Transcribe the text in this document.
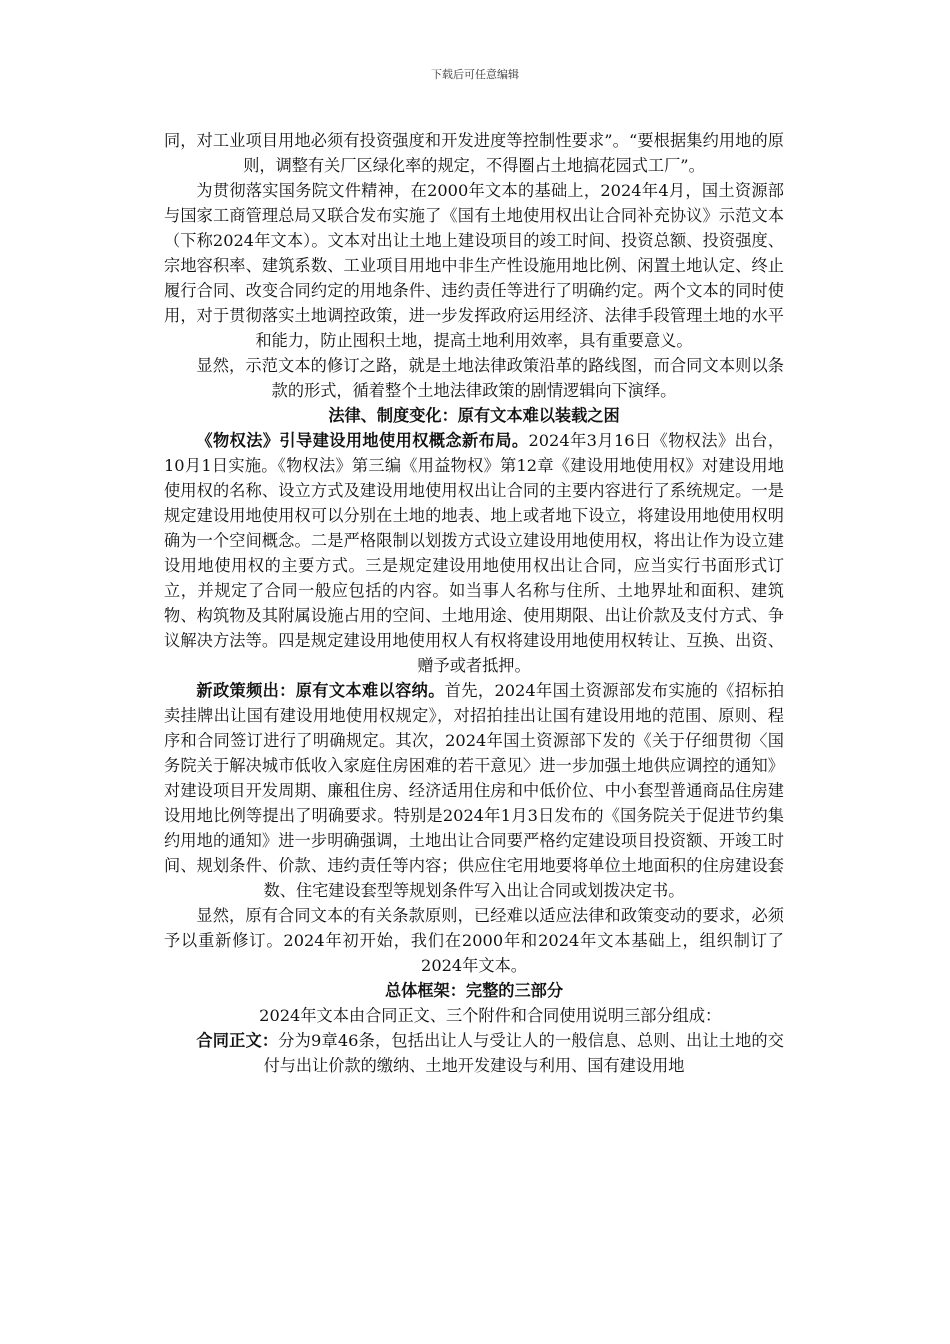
下载后可任意编辑

同，对工业项目用地必须有投资强度和开发进度等控制性要求”。“要根据集约用地的原则，调整有关厂区绿化率的规定，不得圈占土地搞花园式工厂”。

为贯彻落实国务院文件精神，在2000年文本的基础上，2024年4月，国土资源部与国家工商管理总局又联合发布实施了《国有土地使用权出让合同补充协议》示范文本（下称2024年文本）。文本对出让土地上建设项目的竣工时间、投资总额、投资强度、宗地容积率、建筑系数、工业项目用地中非生产性设施用地比例、闲置土地认定、终止履行合同、改变合同约定的用地条件、违约责任等进行了明确约定。两个文本的同时使用，对于贯彻落实土地调控政策，进一步发挥政府运用经济、法律手段管理土地的水平和能力，防止囤积土地，提高土地利用效率，具有重要意义。

显然，示范文本的修订之路，就是土地法律政策沿革的路线图，而合同文本则以条款的形式，循着整个土地法律政策的剧情逻辑向下演绎。

法律、制度变化：原有文本难以装载之困

《物权法》引导建设用地使用权概念新布局。2024年3月16日《物权法》出台，10月1日实施。《物权法》第三编《用益物权》第12章《建设用地使用权》对建设用地使用权的名称、设立方式及建设用地使用权出让合同的主要内容进行了系统规定。一是规定建设用地使用权可以分别在土地的地表、地上或者地下设立，将建设用地使用权明确为一个空间概念。二是严格限制以划拨方式设立建设用地使用权，将出让作为设立建设用地使用权的主要方式。三是规定建设用地使用权出让合同，应当实行书面形式订立，并规定了合同一般应包括的内容。如当事人名称与住所、土地界址和面积、建筑物、构筑物及其附属设施占用的空间、土地用途、使用期限、出让价款及支付方式、争议解决方法等。四是规定建设用地使用权人有权将建设用地使用权转让、互换、出资、赠予或者抵押。

新政策频出：原有文本难以容纳。首先，2024年国土资源部发布实施的《招标拍卖挂牌出让国有建设用地使用权规定》，对招拍挂出让国有建设用地的范围、原则、程序和合同签订进行了明确规定。其次，2024年国土资源部下发的《关于仔细贯彻〈国务院关于解决城市低收入家庭住房困难的若干意见〉进一步加强土地供应调控的通知》对建设项目开发周期、廉租住房、经济适用住房和中低价位、中小套型普通商品住房建设用地比例等提出了明确要求。特别是2024年1月3日发布的《国务院关于促进节约集约用地的通知》进一步明确强调，土地出让合同要严格约定建设项目投资额、开竣工时间、规划条件、价款、违约责任等内容；供应住宅用地要将单位土地面积的住房建设套数、住宅建设套型等规划条件写入出让合同或划拨决定书。

显然，原有合同文本的有关条款原则，已经难以适应法律和政策变动的要求，必须予以重新修订。2024年初开始，我们在2000年和2024年文本基础上，组织制订了2024年文本。

总体框架：完整的三部分

2024年文本由合同正文、三个附件和合同使用说明三部分组成：

合同正文：分为9章46条，包括出让人与受让人的一般信息、总则、出让土地的交付与出让价款的缴纳、土地开发建设与利用、国有建设用地
